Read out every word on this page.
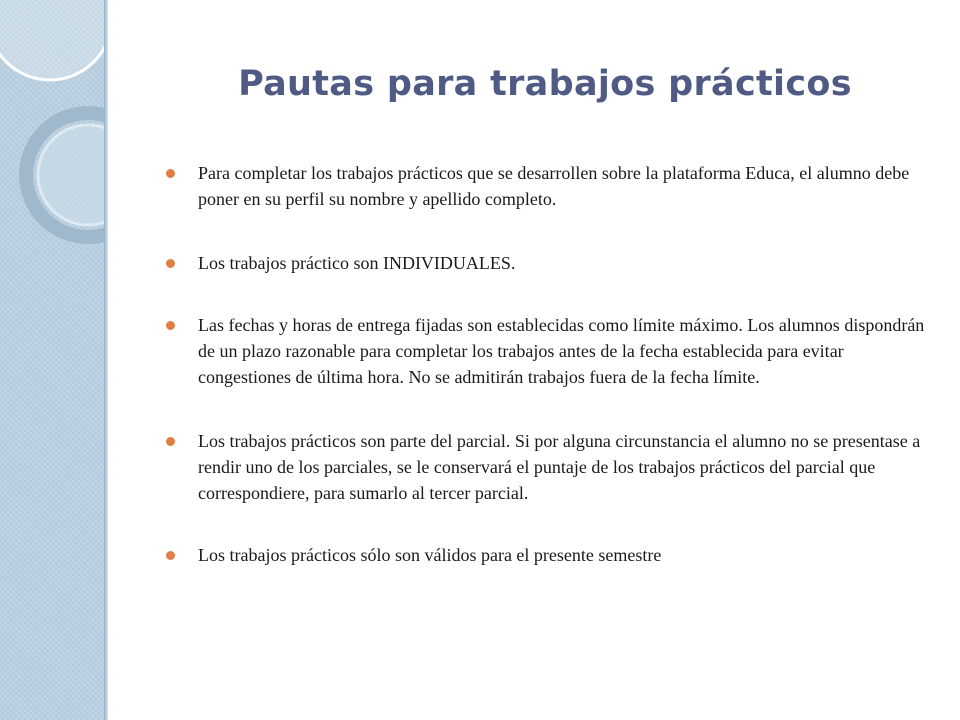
Pautas para trabajos prácticos
Para completar los trabajos prácticos que se desarrollen sobre la plataforma Educa, el alumno debe poner en su perfil su nombre y apellido completo.
Los trabajos práctico son INDIVIDUALES.
Las fechas y horas de entrega fijadas son establecidas como límite máximo. Los alumnos dispondrán de un plazo razonable para completar los trabajos antes de la fecha establecida para evitar congestiones de última hora. No se admitirán trabajos fuera de la fecha límite.
Los trabajos prácticos son parte del parcial. Si por alguna circunstancia el alumno no se presentase a rendir uno de los parciales, se le conservará el puntaje de los trabajos prácticos del parcial que correspondiere, para sumarlo al tercer parcial.
Los trabajos prácticos sólo son válidos para el presente semestre
